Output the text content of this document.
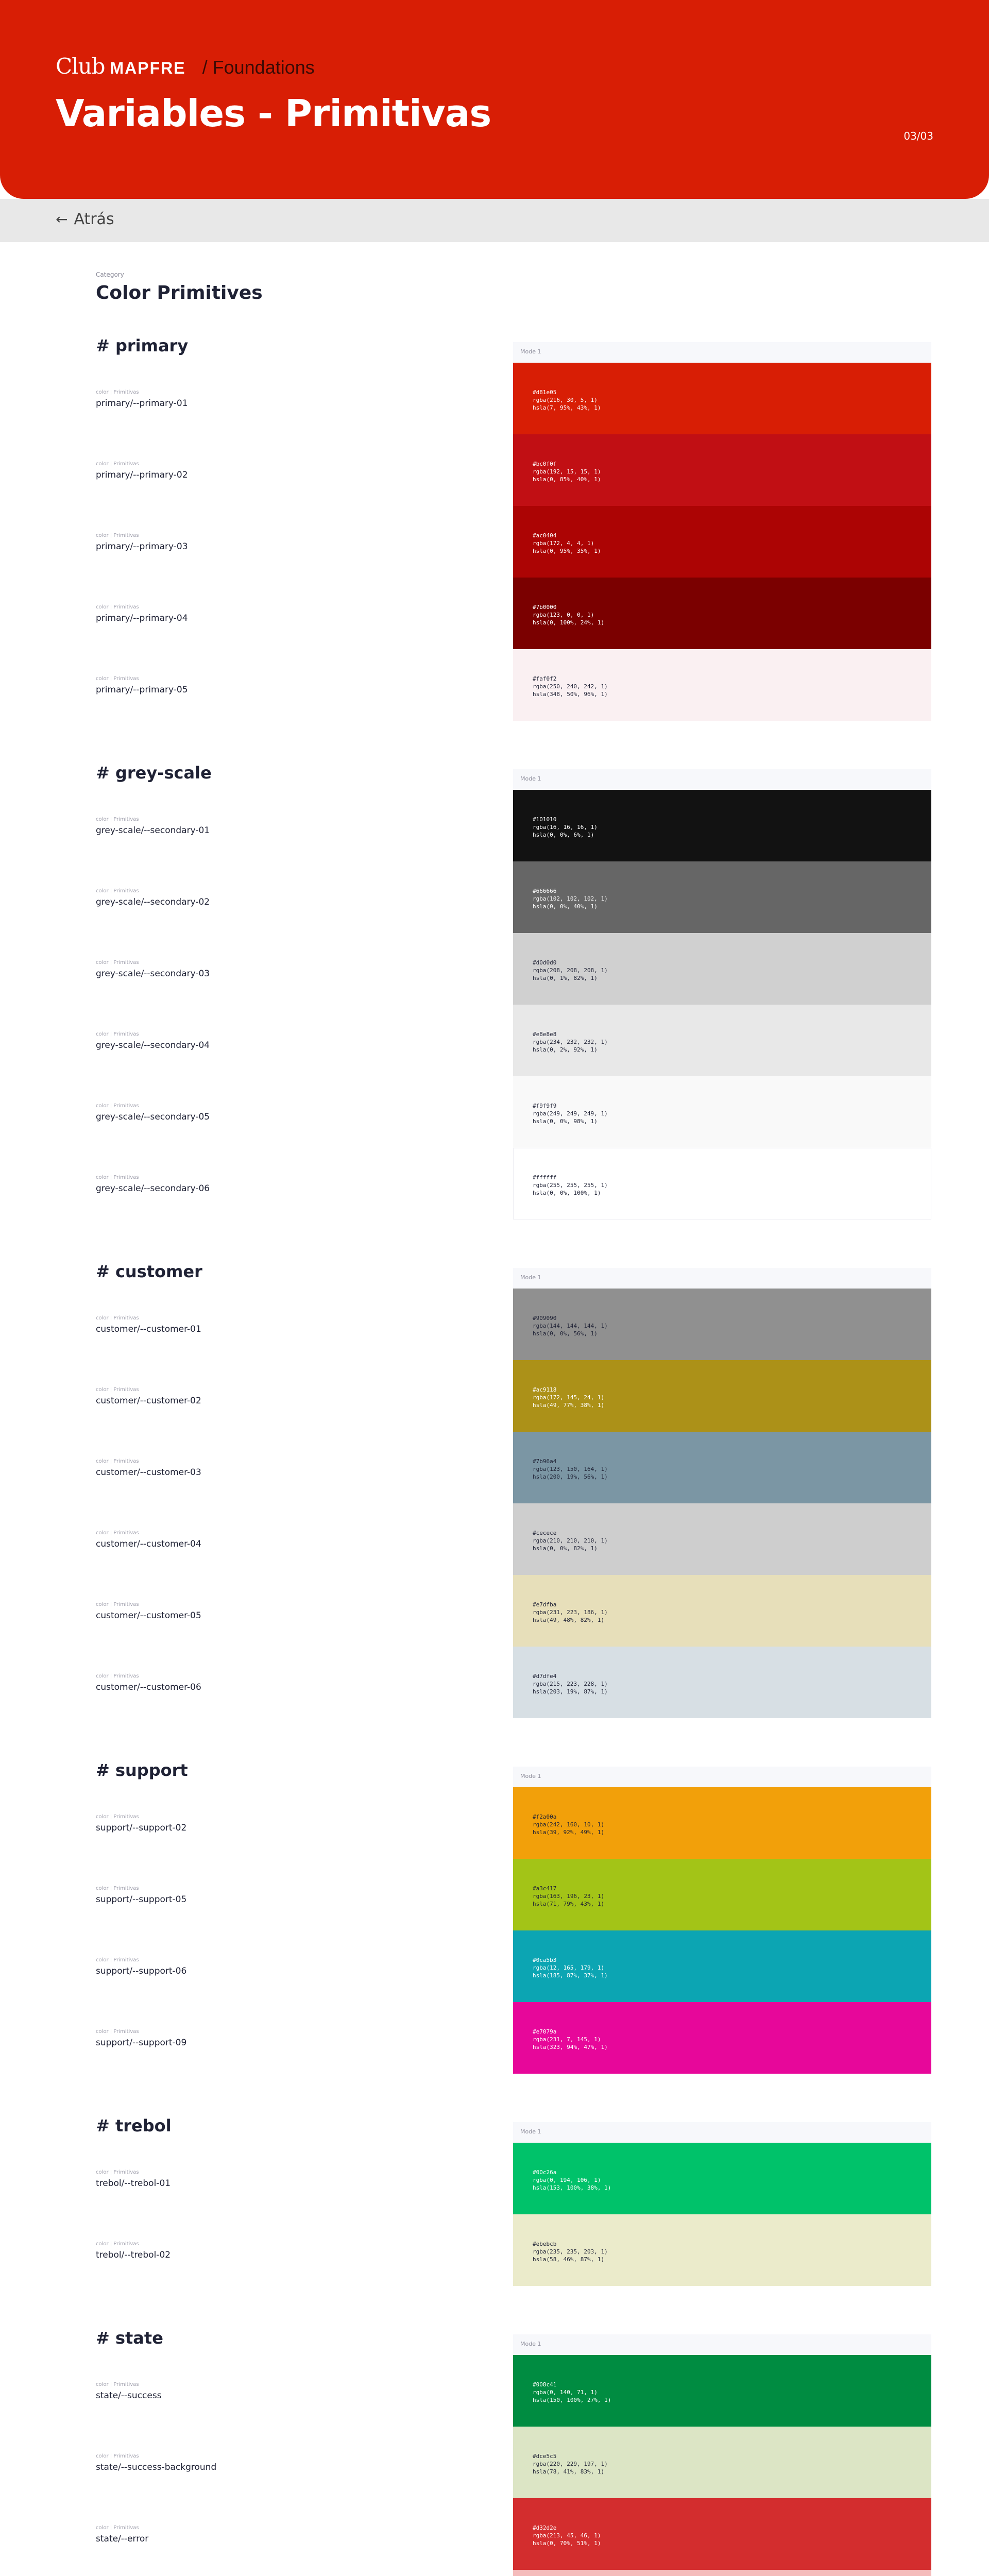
Club MAPFRE / Foundations
Variables - Primitivas
03/03
← Atrás
Category
Color Primitives
# primary	Mode 1
#d81e05
rgba(216, 30, 5, 1)
hsla(7, 95%, 43%, 1)
color | Primitivas
primary/--primary-01
#bc0f0f
rgba(192, 15, 15, 1)
hsla(0, 85%, 40%, 1)
color | Primitivas
primary/--primary-02
#ac0404
rgba(172, 4, 4, 1)
hsla(0, 95%, 35%, 1)
color | Primitivas
primary/--primary-03
#7b0000
rgba(123, 0, 0, 1)
hsla(0, 100%, 24%, 1)
color | Primitivas
primary/--primary-04
#faf0f2
rgba(250, 240, 242, 1)
hsla(348, 50%, 96%, 1)
color | Primitivas
primary/--primary-05
# grey-scale	Mode 1
#101010
rgba(16, 16, 16, 1)
hsla(0, 0%, 6%, 1)
color | Primitivas
grey-scale/--secondary-01
#666666
rgba(102, 102, 102, 1)
hsla(0, 0%, 40%, 1)
color | Primitivas
grey-scale/--secondary-02
#d0d0d0
rgba(208, 208, 208, 1)
hsla(0, 1%, 82%, 1)
color | Primitivas
grey-scale/--secondary-03
#e8e8e8
rgba(234, 232, 232, 1)
hsla(0, 2%, 92%, 1)
color | Primitivas
grey-scale/--secondary-04
#f9f9f9
rgba(249, 249, 249, 1)
hsla(0, 0%, 98%, 1)
color | Primitivas
grey-scale/--secondary-05
#ffffff
rgba(255, 255, 255, 1)
hsla(0, 0%, 100%, 1)
color | Primitivas
grey-scale/--secondary-06
# customer	Mode 1
#909090
rgba(144, 144, 144, 1)
hsla(0, 0%, 56%, 1)
color | Primitivas
customer/--customer-01
#ac9118
rgba(172, 145, 24, 1)
hsla(49, 77%, 38%, 1)
color | Primitivas
customer/--customer-02
#7b96a4
rgba(123, 150, 164, 1)
hsla(200, 19%, 56%, 1)
color | Primitivas
customer/--customer-03
#cecece
rgba(210, 210, 210, 1)
hsla(0, 0%, 82%, 1)
color | Primitivas
customer/--customer-04
#e7dfba
rgba(231, 223, 186, 1)
hsla(49, 48%, 82%, 1)
color | Primitivas
customer/--customer-05
#d7dfe4
rgba(215, 223, 228, 1)
hsla(203, 19%, 87%, 1)
color | Primitivas
customer/--customer-06
# support	Mode 1
#f2a00a
rgba(242, 160, 10, 1)
hsla(39, 92%, 49%, 1)
color | Primitivas
support/--support-02
#a3c417
rgba(163, 196, 23, 1)
hsla(71, 79%, 43%, 1)
color | Primitivas
support/--support-05
#0ca5b3
rgba(12, 165, 179, 1)
hsla(185, 87%, 37%, 1)
color | Primitivas
support/--support-06
#e7079a
rgba(231, 7, 145, 1)
hsla(323, 94%, 47%, 1)
color | Primitivas
support/--support-09
# trebol	Mode 1
#00c26a
rgba(0, 194, 106, 1)
hsla(153, 100%, 38%, 1)
color | Primitivas
trebol/--trebol-01
#ebebcb
rgba(235, 235, 203, 1)
hsla(58, 46%, 87%, 1)
color | Primitivas
trebol/--trebol-02
# state	Mode 1
#008c41
rgba(0, 140, 71, 1)
hsla(150, 100%, 27%, 1)
color | Primitivas
state/--success
#dce5c5
rgba(220, 229, 197, 1)
hsla(78, 41%, 83%, 1)
color | Primitivas
state/--success-background
#d32d2e
rgba(213, 45, 46, 1)
hsla(0, 70%, 51%, 1)
color | Primitivas
state/--error
